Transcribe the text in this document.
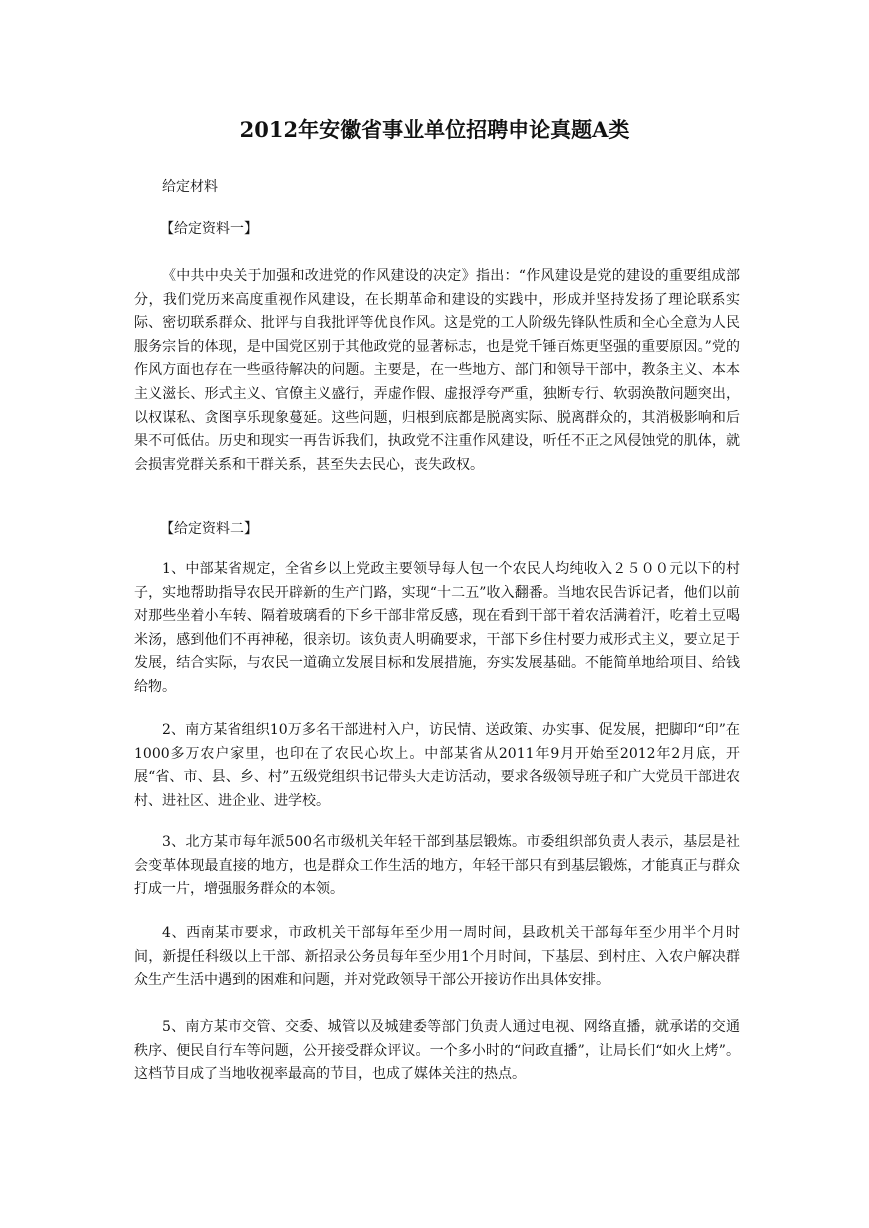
2012年安徽省事业单位招聘申论真题A类
给定材料
【给定资料一】

《中共中央关于加强和改进党的作风建设的决定》指出：“作风建设是党的建设的重要组成部分，我们党历来高度重视作风建设，在长期革命和建设的实践中，形成并坚持发扬了理论联系实际、密切联系群众、批评与自我批评等优良作风。这是党的工人阶级先锋队性质和全心全意为人民服务宗旨的体现，是中国党区别于其他政党的显著标志，也是党千锤百炼更坚强的重要原因。”党的作风方面也存在一些亟待解决的问题。主要是，在一些地方、部门和领导干部中，教条主义、本本主义滋长、形式主义、官僚主义盛行，弄虚作假、虚报浮夸严重，独断专行、软弱涣散问题突出，以权谋私、贪图享乐现象蔓延。这些问题，归根到底都是脱离实际、脱离群众的，其消极影响和后果不可低估。历史和现实一再告诉我们，执政党不注重作风建设，听任不正之风侵蚀党的肌体，就会损害党群关系和干群关系，甚至失去民心，丧失政权。

【给定资料二】

1、中部某省规定，全省乡以上党政主要领导每人包一个农民人均纯收入２５００元以下的村子，实地帮助指导农民开辟新的生产门路，实现“十二五”收入翻番。当地农民告诉记者，他们以前对那些坐着小车转、隔着玻璃看的下乡干部非常反感，现在看到干部干着农活满着汗，吃着土豆喝米汤，感到他们不再神秘，很亲切。该负责人明确要求，干部下乡住村要力戒形式主义，要立足于发展，结合实际，与农民一道确立发展目标和发展措施，夯实发展基础。不能简单地给项目、给钱给物。

2、南方某省组织10万多名干部进村入户，访民情、送政策、办实事、促发展，把脚印“印”在1000多万农户家里，也印在了农民心坎上。中部某省从2011年9月开始至2012年2月底，开展“省、市、县、乡、村”五级党组织书记带头大走访活动，要求各级领导班子和广大党员干部进农村、进社区、进企业、进学校。

3、北方某市每年派500名市级机关年轻干部到基层锻炼。市委组织部负责人表示，基层是社会变革体现最直接的地方，也是群众工作生活的地方，年轻干部只有到基层锻炼，才能真正与群众打成一片，增强服务群众的本领。

4、西南某市要求，市政机关干部每年至少用一周时间，县政机关干部每年至少用半个月时间，新提任科级以上干部、新招录公务员每年至少用1个月时间，下基层、到村庄、入农户解决群众生产生活中遇到的困难和问题，并对党政领导干部公开接访作出具体安排。

5、南方某市交管、交委、城管以及城建委等部门负责人通过电视、网络直播，就承诺的交通秩序、便民自行车等问题，公开接受群众评议。一个多小时的“问政直播”，让局长们“如火上烤”。这档节目成了当地收视率最高的节目，也成了媒体关注的热点。
